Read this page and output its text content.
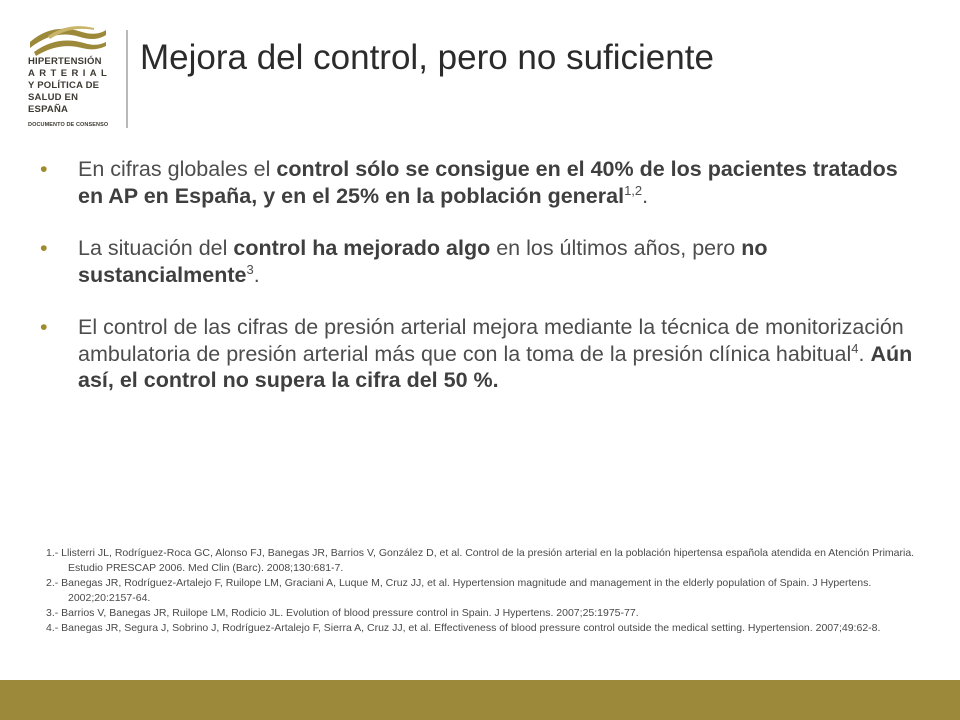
HIPERTENSIÓN
ARTERIAL
Y POLÍTICA DE
SALUD EN ESPAÑA
DOCUMENTO DE CONSENSO
Mejora del control, pero no suficiente
• En cifras globales el control sólo se consigue en el 40% de los pacientes tratados en AP en España, y en el 25% en la población general$^{1,2}$.
• La situación del control ha mejorado algo en los últimos años, pero no sustancialmente$^3$.
• El control de las cifras de presión arterial mejora mediante la técnica de monitorización ambulatoria de presión arterial más que con la toma de la presión clínica habitual$^4$. Aún así, el control no supera la cifra del 50 %.
1.- Llisterri JL, Rodríguez-Roca GC, Alonso FJ, Banegas JR, Barrios V, González D, et al. Control de la presión arterial en la población hipertensa española atendida en Atención Primaria. Estudio PRESCAP 2006. Med Clin (Barc). 2008;130:681-7.
2.- Banegas JR, Rodríguez-Artalejo F, Ruilope LM, Graciani A, Luque M, Cruz JJ, et al. Hypertension magnitude and management in the elderly population of Spain. J Hypertens. 2002;20:2157-64.
3.- Barrios V, Banegas JR, Ruilope LM, Rodicio JL. Evolution of blood pressure control in Spain. J Hypertens. 2007;25:1975-77.
4.- Banegas JR, Segura J, Sobrino J, Rodríguez-Artalejo F, Sierra A, Cruz JJ, et al. Effectiveness of blood pressure control outside the medical setting. Hypertension. 2007;49:62-8.
